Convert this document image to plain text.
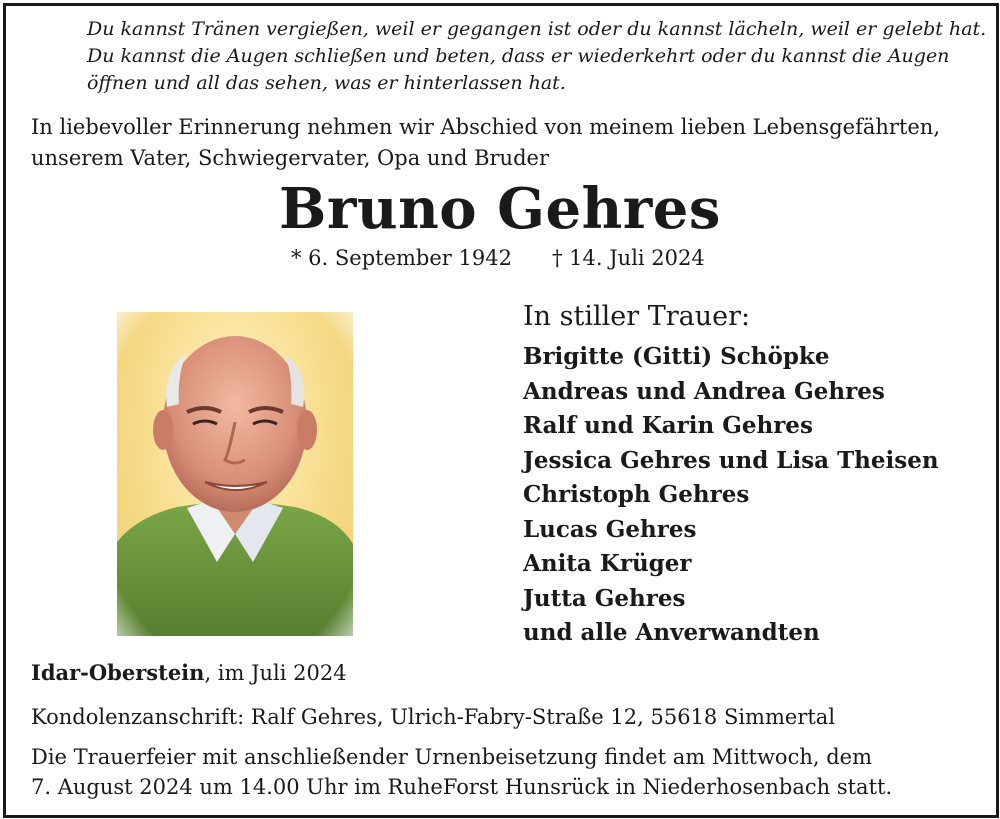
Du kannst Tränen vergießen, weil er gegangen ist oder du kannst lächeln, weil er gelebt hat.
Du kannst die Augen schließen und beten, dass er wiederkehrt oder du kannst die Augen
öffnen und all das sehen, was er hinterlassen hat.
In liebevoller Erinnerung nehmen wir Abschied von meinem lieben Lebensgefährten,
unserem Vater, Schwiegervater, Opa und Bruder
Bruno Gehres
* 6. September 1942 † 14. Juli 2024
In stiller Trauer:
Brigitte (Gitti) Schöpke
Andreas und Andrea Gehres
Ralf und Karin Gehres
Jessica Gehres und Lisa Theisen
Christoph Gehres
Lucas Gehres
Anita Krüger
Jutta Gehres
und alle Anverwandten
Idar-Oberstein, im Juli 2024
Kondolenzanschrift: Ralf Gehres, Ulrich-Fabry-Straße 12, 55618 Simmertal
Die Trauerfeier mit anschließender Urnenbeisetzung findet am Mittwoch, dem
7. August 2024 um 14.00 Uhr im RuheForst Hunsrück in Niederhosenbach statt.
